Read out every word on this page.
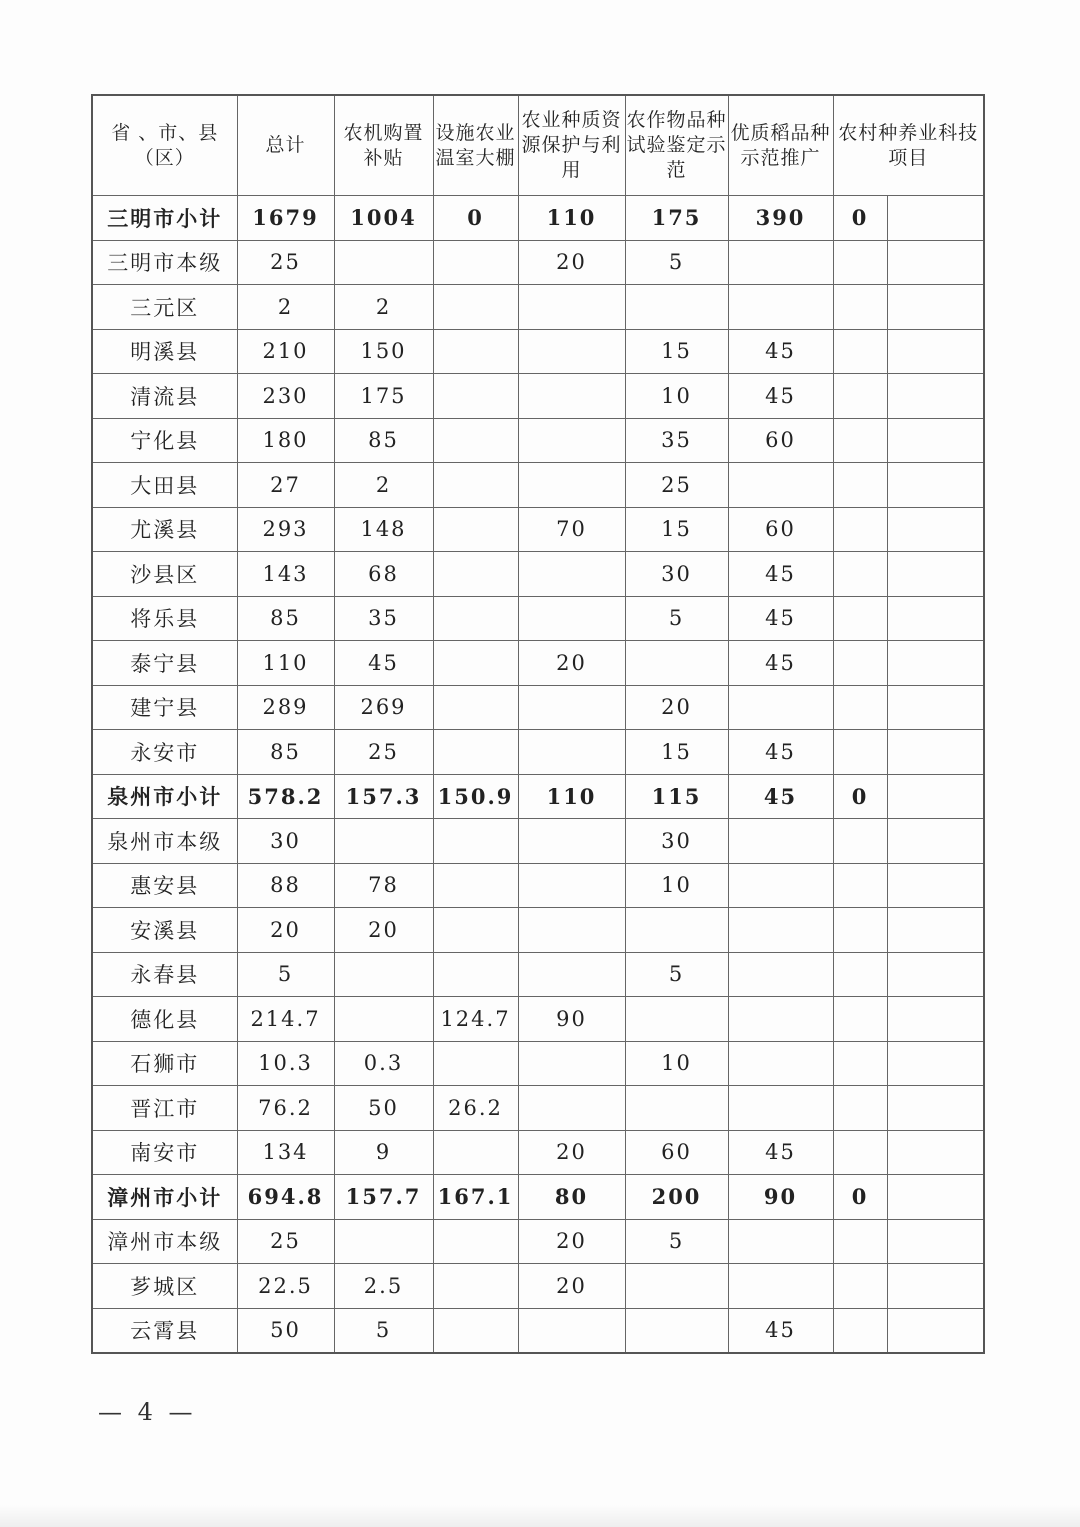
省 、市、县（区）	总计	农机购置补贴	设施农业温室大棚	农业种质资源保护与利用	农作物品种试验鉴定示范	优质稻品种示范推广	农村种养业科技项目	
三明市小计	1679	1004	0	110	175	390	0	
三明市本级	25			20	5			
三元区	2	2						
明溪县	210	150			15	45		
清流县	230	175			10	45		
宁化县	180	85			35	60		
大田县	27	2			25			
尤溪县	293	148		70	15	60		
沙县区	143	68			30	45		
将乐县	85	35			5	45		
泰宁县	110	45		20		45		
建宁县	289	269			20			
永安市	85	25			15	45		
泉州市小计	578.2	157.3	150.9	110	115	45	0	
泉州市本级	30				30			
惠安县	88	78			10			
安溪县	20	20						
永春县	5				5			
德化县	214.7		124.7	90				
石狮市	10.3	0.3			10			
晋江市	76.2	50	26.2					
南安市	134	9		20	60	45		
漳州市小计	694.8	157.7	167.1	80	200	90	0	
漳州市本级	25			20	5			
芗城区	22.5	2.5		20				
云霄县	50	5				45		
— 4 —
